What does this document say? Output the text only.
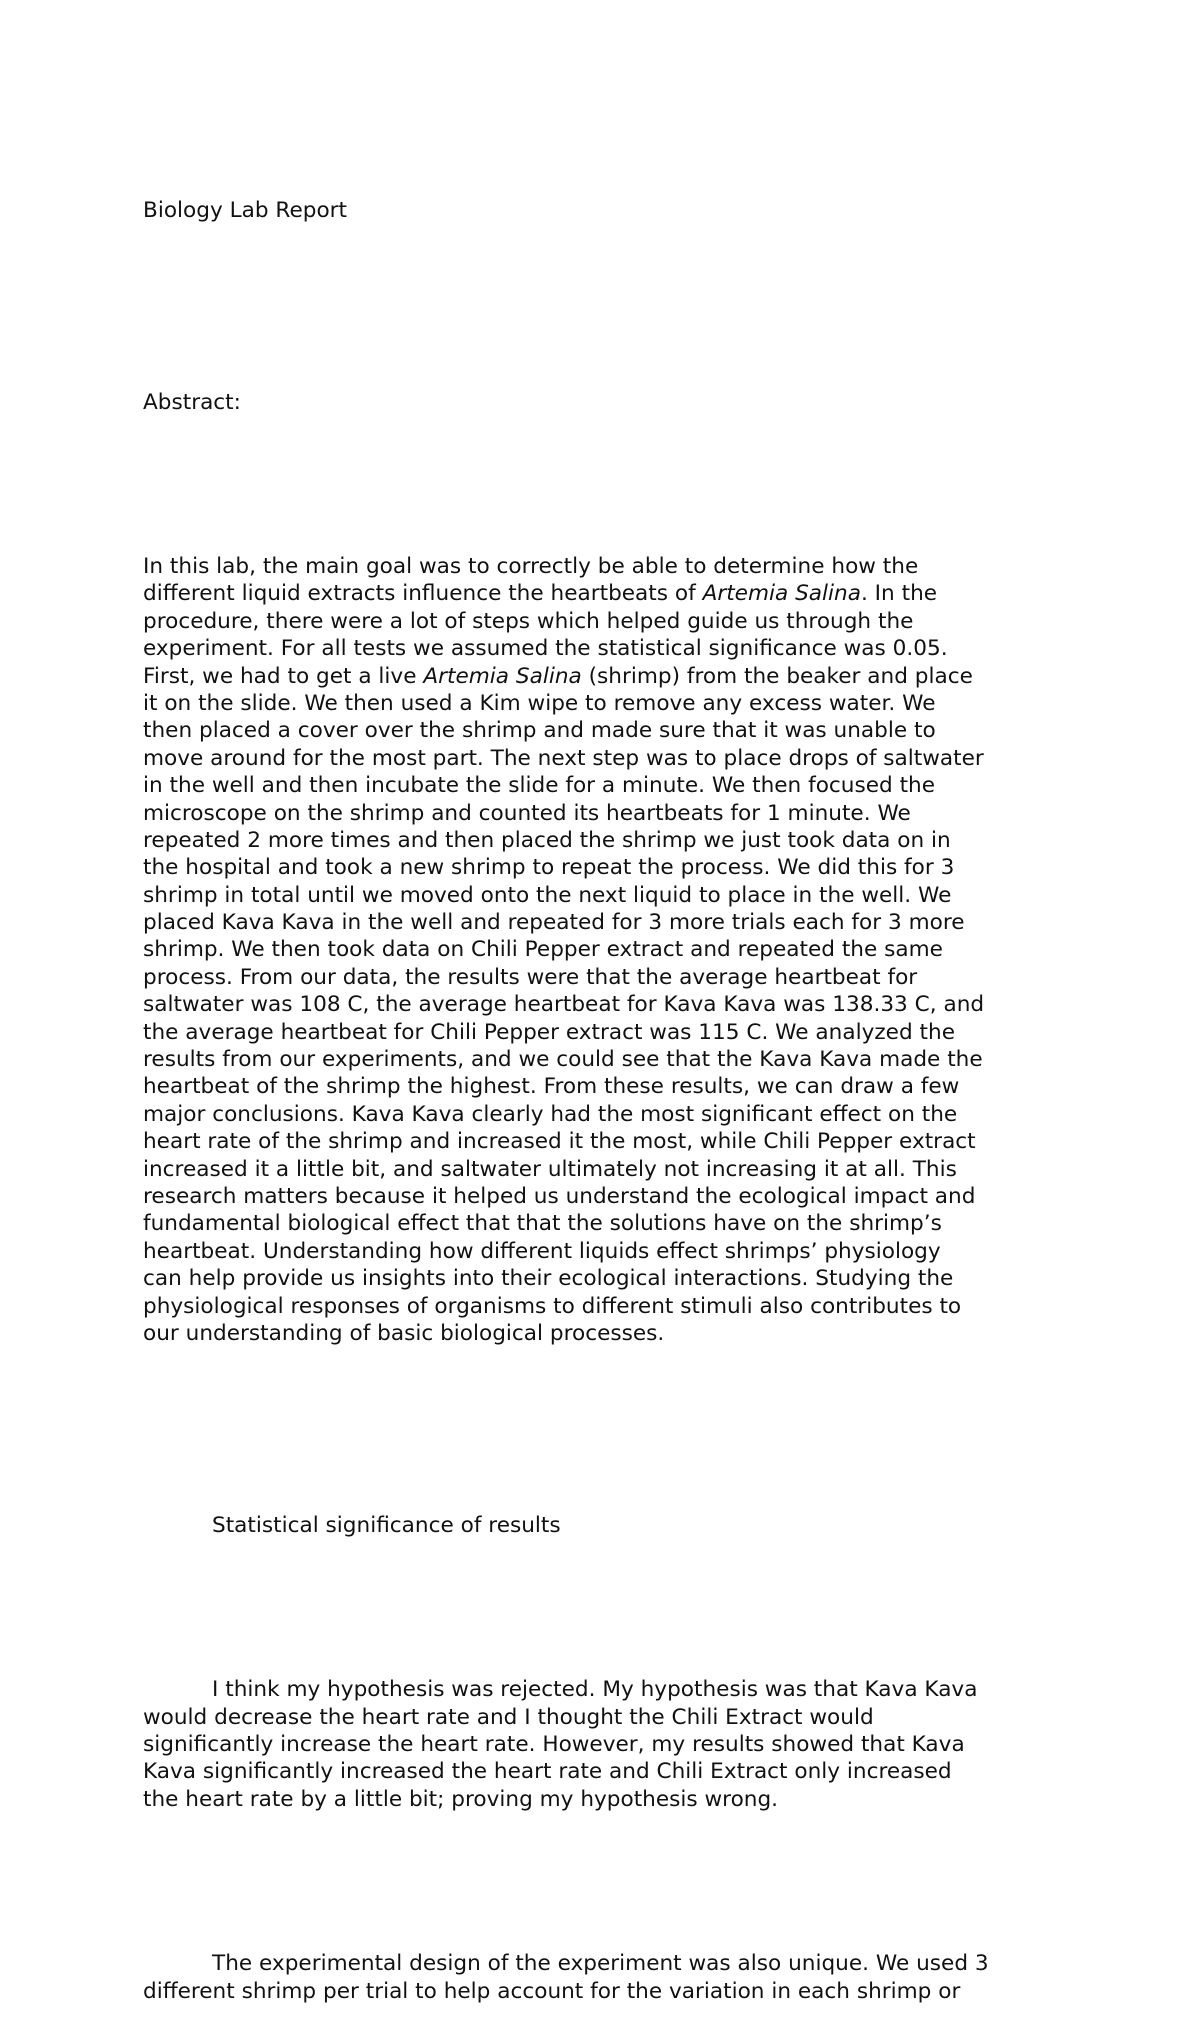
Biology Lab Report

Abstract:

In this lab, the main goal was to correctly be able to determine how the
different liquid extracts influence the heartbeats of Artemia Salina. In the
procedure, there were a lot of steps which helped guide us through the
experiment. For all tests we assumed the statistical significance was 0.05.
First, we had to get a live Artemia Salina (shrimp) from the beaker and place
it on the slide. We then used a Kim wipe to remove any excess water. We
then placed a cover over the shrimp and made sure that it was unable to
move around for the most part. The next step was to place drops of saltwater
in the well and then incubate the slide for a minute. We then focused the
microscope on the shrimp and counted its heartbeats for 1 minute. We
repeated 2 more times and then placed the shrimp we just took data on in
the hospital and took a new shrimp to repeat the process. We did this for 3
shrimp in total until we moved onto the next liquid to place in the well. We
placed Kava Kava in the well and repeated for 3 more trials each for 3 more
shrimp. We then took data on Chili Pepper extract and repeated the same
process. From our data, the results were that the average heartbeat for
saltwater was 108 C, the average heartbeat for Kava Kava was 138.33 C, and
the average heartbeat for Chili Pepper extract was 115 C. We analyzed the
results from our experiments, and we could see that the Kava Kava made the
heartbeat of the shrimp the highest. From these results, we can draw a few
major conclusions. Kava Kava clearly had the most significant effect on the
heart rate of the shrimp and increased it the most, while Chili Pepper extract
increased it a little bit, and saltwater ultimately not increasing it at all. This
research matters because it helped us understand the ecological impact and
fundamental biological effect that that the solutions have on the shrimp’s
heartbeat. Understanding how different liquids effect shrimps’ physiology
can help provide us insights into their ecological interactions. Studying the
physiological responses of organisms to different stimuli also contributes to
our understanding of basic biological processes.

Statistical significance of results

I think my hypothesis was rejected. My hypothesis was that Kava Kava
would decrease the heart rate and I thought the Chili Extract would
significantly increase the heart rate. However, my results showed that Kava
Kava significantly increased the heart rate and Chili Extract only increased
the heart rate by a little bit; proving my hypothesis wrong.

The experimental design of the experiment was also unique. We used 3
different shrimp per trial to help account for the variation in each shrimp or
